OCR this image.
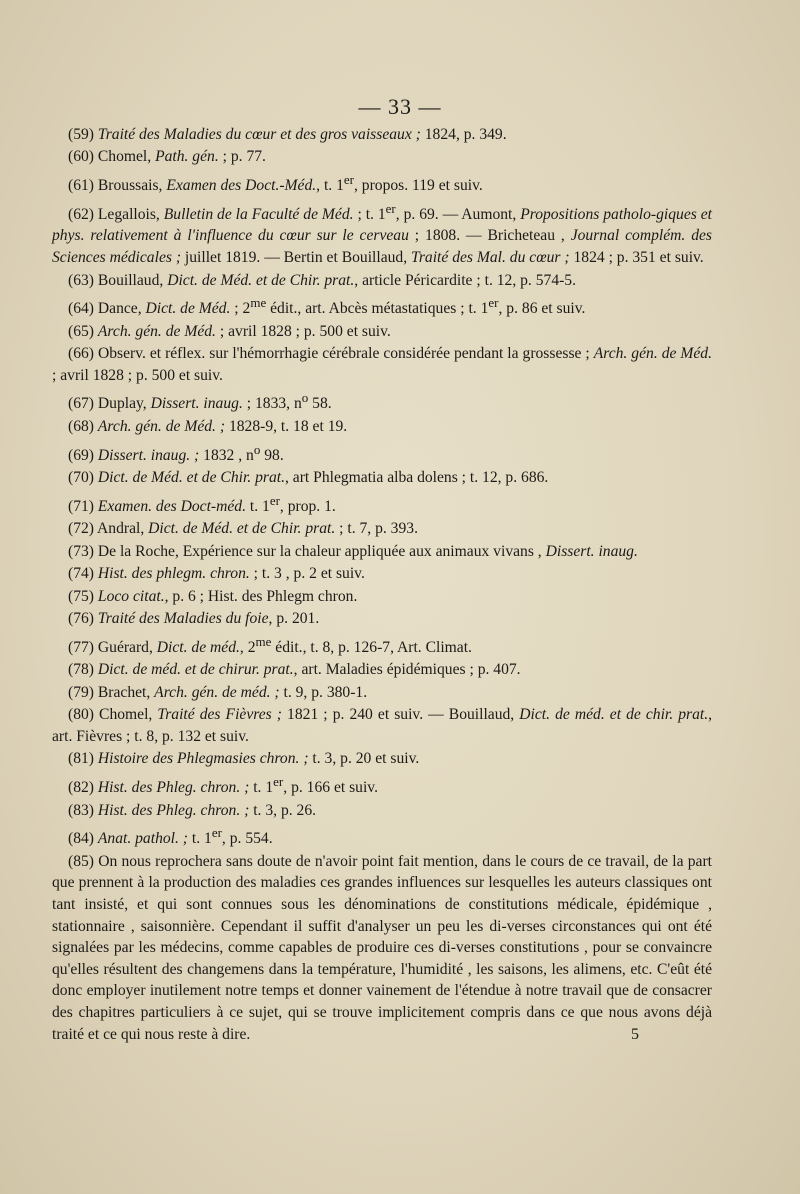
— 33 —
(59) Traité des Maladies du cœur et des gros vaisseaux ; 1824, p. 349.
(60) Chomel, Path. gén. ; p. 77.
(61) Broussais, Examen des Doct.-Méd., t. 1er, propos. 119 et suiv.
(62) Legallois, Bulletin de la Faculté de Méd. ; t. 1er, p. 69. — Aumont, Propositions patholo-giques et phys. relativement à l'influence du cœur sur le cerveau ; 1808. — Bricheteau , Journal complém. des Sciences médicales ; juillet 1819. — Bertin et Bouillaud, Traité des Mal. du cœur ; 1824 ; p. 351 et suiv.
(63) Bouillaud, Dict. de Méd. et de Chir. prat., article Péricardite ; t. 12, p. 574-5.
(64) Dance, Dict. de Méd. ; $2^{me}$ édit., art. Abcès métastatiques ; t. 1er, p. 86 et suiv.
(65) Arch. gén. de Méd. ; avril 1828 ; p. 500 et suiv.
(66) Observ. et réflex. sur l'hémorrhagie cérébrale considérée pendant la grossesse ; Arch. gén. de Méd. ; avril 1828 ; p. 500 et suiv.
(67) Duplay, Dissert. inaug. ; 1833, $n^o$ 58.
(68) Arch. gén. de Méd. ; 1828-9, t. 18 et 19.
(69) Dissert. inaug. ; 1832 , $n^o$ 98.
(70) Dict. de Méd. et de Chir. prat., art Phlegmatia alba dolens ; t. 12, p. 686.
(71) Examen. des Doct-méd. t. 1er, prop. 1.
(72) Andral, Dict. de Méd. et de Chir. prat. ; t. 7, p. 393.
(73) De la Roche, Expérience sur la chaleur appliquée aux animaux vivans , Dissert. inaug.
(74) Hist. des phlegm. chron. ; t. 3 , p. 2 et suiv.
(75) Loco citat., p. 6 ; Hist. des Phlegm chron.
(76) Traité des Maladies du foie, p. 201.
(77) Guérard, Dict. de méd., $2^{me}$ édit., t. 8, p. 126-7, Art. Climat.
(78) Dict. de méd. et de chirur. prat., art. Maladies épidémiques ; p. 407.
(79) Brachet, Arch. gén. de méd. ; t. 9, p. 380-1.
(80) Chomel, Traité des Fièvres ; 1821 ; p. 240 et suiv. — Bouillaud, Dict. de méd. et de chir. prat., art. Fièvres ; t. 8, p. 132 et suiv.
(81) Histoire des Phlegmasies chron. ; t. 3, p. 20 et suiv.
(82) Hist. des Phleg. chron. ; t. 1er, p. 166 et suiv.
(83) Hist. des Phleg. chron. ; t. 3, p. 26.
(84) Anat. pathol. ; t. 1er, p. 554.
(85) On nous reprochera sans doute de n'avoir point fait mention, dans le cours de ce travail, de la part que prennent à la production des maladies ces grandes influences sur lesquelles les auteurs classiques ont tant insisté, et qui sont connues sous les dénominations de constitutions médicale, épidémique , stationnaire , saisonnière. Cependant il suffit d'analyser un peu les di-verses circonstances qui ont été signalées par les médecins, comme capables de produire ces di-verses constitutions , pour se convaincre qu'elles résultent des changemens dans la température, l'humidité , les saisons, les alimens, etc. C'eût été donc employer inutilement notre temps et donner vainement de l'étendue à notre travail que de consacrer des chapitres particuliers à ce sujet, qui se trouve implicitement compris dans ce que nous avons déjà traité et ce qui nous reste à dire.	5
